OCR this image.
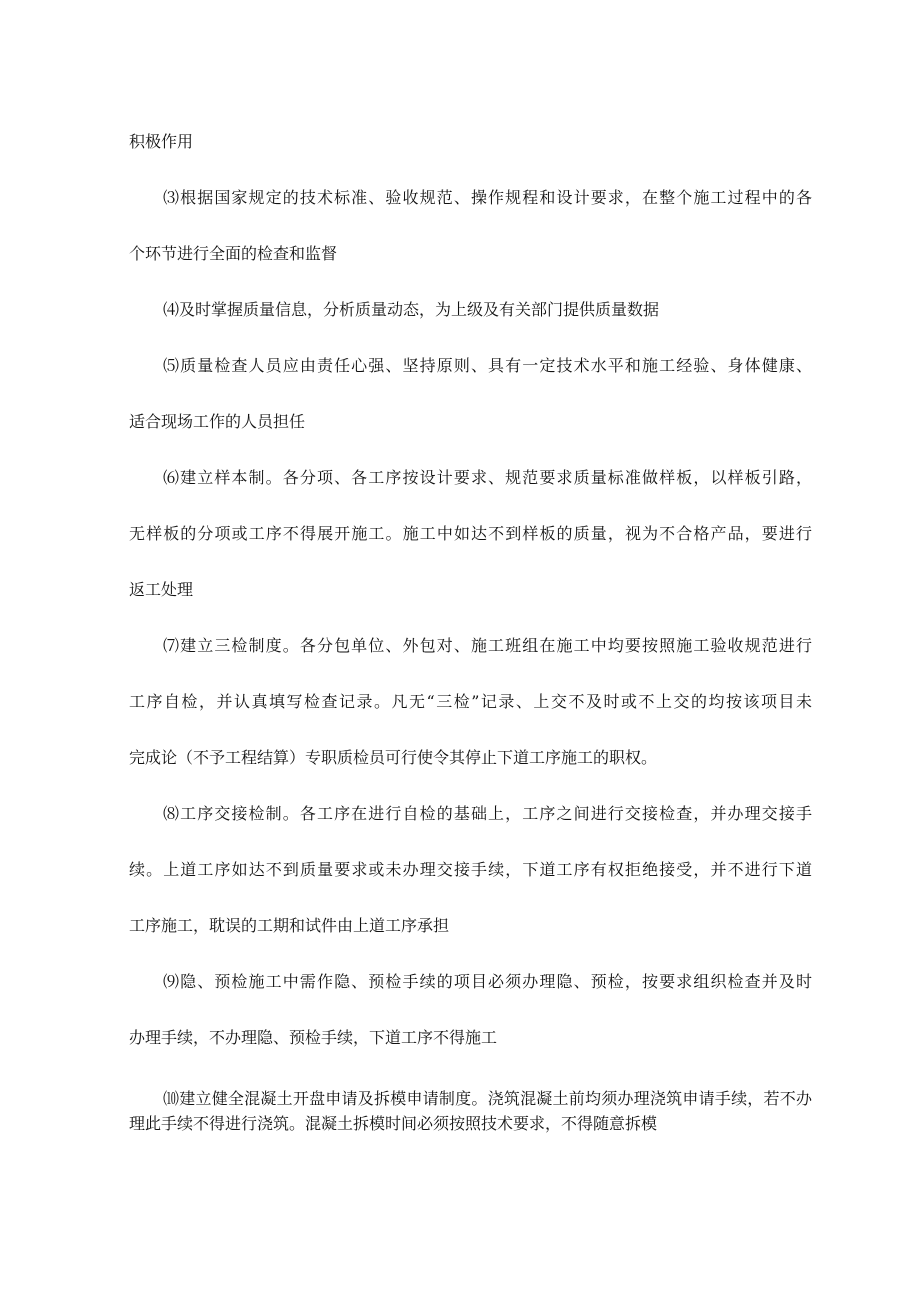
积极作用

⑶根据国家规定的技术标准、验收规范、操作规程和设计要求，在整个施工过程中的各

个环节进行全面的检查和监督

⑷及时掌握质量信息，分析质量动态，为上级及有关部门提供质量数据

⑸质量检查人员应由责任心强、坚持原则、具有一定技术水平和施工经验、身体健康、

适合现场工作的人员担任

⑹建立样本制。各分项、各工序按设计要求、规范要求质量标准做样板，以样板引路，

无样板的分项或工序不得展开施工。施工中如达不到样板的质量，视为不合格产品，要进行

返工处理

⑺建立三检制度。各分包单位、外包对、施工班组在施工中均要按照施工验收规范进行

工序自检，并认真填写检查记录。凡无“三检”记录、上交不及时或不上交的均按该项目未

完成论（不予工程结算）专职质检员可行使令其停止下道工序施工的职权。

⑻工序交接检制。各工序在进行自检的基础上，工序之间进行交接检查，并办理交接手

续。上道工序如达不到质量要求或未办理交接手续，下道工序有权拒绝接受，并不进行下道

工序施工，耽误的工期和试件由上道工序承担

⑼隐、预检施工中需作隐、预检手续的项目必须办理隐、预检，按要求组织检查并及时

办理手续，不办理隐、预检手续，下道工序不得施工

⑽建立健全混凝土开盘申请及拆模申请制度。浇筑混凝土前均须办理浇筑申请手续，若不办理此手续不得进行浇筑。混凝土拆模时间必须按照技术要求，不得随意拆模
